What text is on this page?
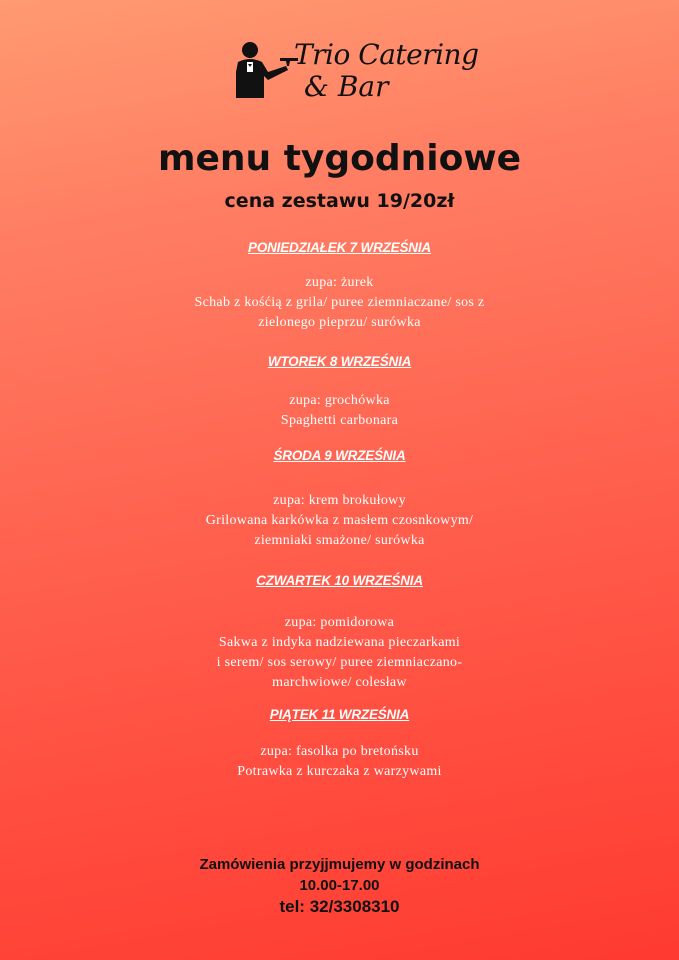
Trio Catering
& Bar
menu tygodniowe
cena zestawu 19/20zł
PONIEDZIAŁEK 7 WRZEŚNIA
zupa: żurek
Schab z kośćią z grila/ puree ziemniaczane/ sos z
zielonego pieprzu/ surówka
WTOREK 8 WRZEŚNIA
zupa: grochówka
Spaghetti carbonara
ŚRODA 9 WRZEŚNIA
zupa: krem brokułowy
Grilowana karkówka z masłem czosnkowym/
ziemniaki smażone/ surówka
CZWARTEK 10 WRZEŚNIA
zupa: pomidorowa
Sakwa z indyka nadziewana pieczarkami
i serem/ sos serowy/ puree ziemniaczano-
marchwiowe/ colesław
PIĄTEK 11 WRZEŚNIA
zupa: fasolka po bretońsku
Potrawka z kurczaka z warzywami
Zamówienia przyjjmujemy w godzinach
10.00-17.00
tel: 32/3308310
